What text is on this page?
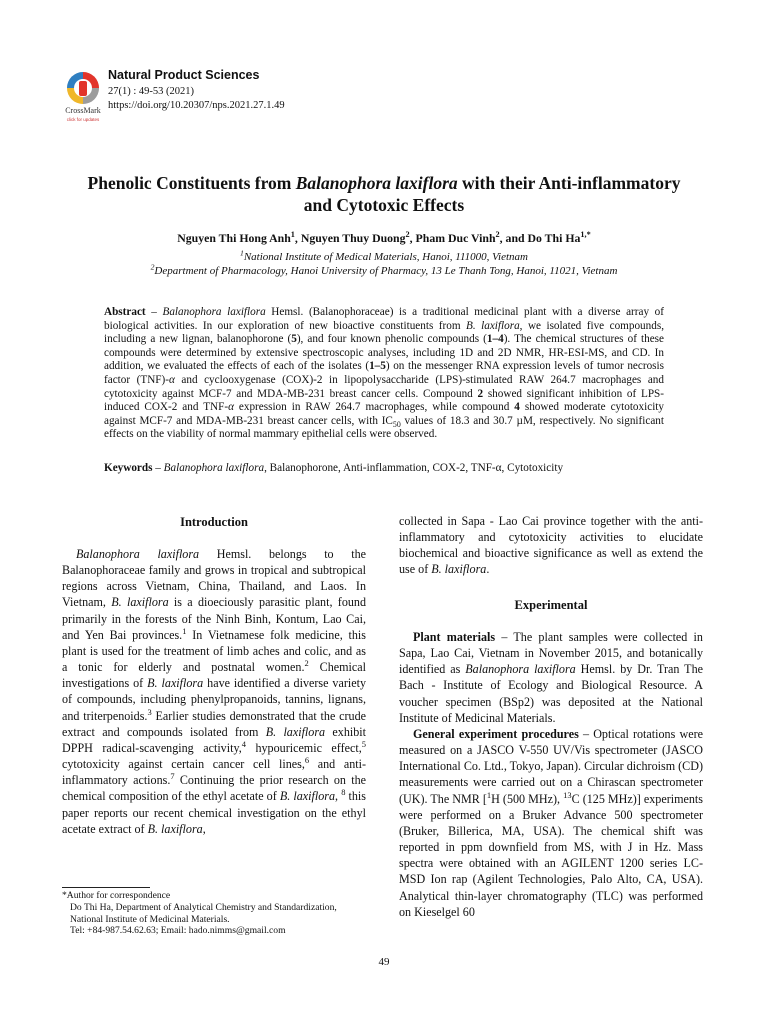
CrossMark
click for updates
Natural Product Sciences
27(1) : 49-53 (2021)
https://doi.org/10.20307/nps.2021.27.1.49
Phenolic Constituents from Balanophora laxiflora with their Anti-inflammatory
and Cytotoxic Effects
Nguyen Thi Hong Anh$^1$, Nguyen Thuy Duong$^2$, Pham Duc Vinh$^2$, and Do Thi $Ha^{1,*}$
$^1$National Institute of Medical Materials, Hanoi, 111000, Vietnam
$^2$Department of Pharmacology, Hanoi University of Pharmacy, 13 Le Thanh Tong, Hanoi, 11021, Vietnam
Abstract – Balanophora laxiflora Hemsl. (Balanophoraceae) is a traditional medicinal plant with a diverse array of biological activities. In our exploration of new bioactive constituents from B. laxiflora, we isolated five compounds, including a new lignan, balanophorone (5), and four known phenolic compounds (1–4). The chemical structures of these compounds were determined by extensive spectroscopic analyses, including 1D and 2D NMR, HR-ESI-MS, and CD. In addition, we evaluated the effects of each of the isolates (1–5) on the messenger RNA expression levels of tumor necrosis factor (TNF)-α and cyclooxygenase (COX)-2 in lipopolysaccharide (LPS)-stimulated RAW 264.7 macrophages and cytotoxicity against MCF-7 and MDA-MB-231 breast cancer cells. Compound 2 showed significant inhibition of LPS-induced COX-2 and TNF-α expression in RAW 264.7 macrophages, while compound 4 showed moderate cytotoxicity against MCF-7 and MDA-MB-231 breast cancer cells, with $IC_{50}$ values of 18.3 and 30.7 µM, respectively. No significant effects on the viability of normal mammary epithelial cells were observed.
Keywords – Balanophora laxiflora, Balanophorone, Anti-inflammation, COX-2, TNF-α, Cytotoxicity
Introduction

Balanophora laxiflora Hemsl. belongs to the Balanophoraceae family and grows in tropical and subtropical regions across Vietnam, China, Thailand, and Laos. In Vietnam, B. laxiflora is a dioeciously parasitic plant, found primarily in the forests of the Ninh Binh, Kontum, Lao Cai, and Yen Bai provinces.$^1$ In Vietnamese folk medicine, this plant is used for the treatment of limb aches and colic, and as a tonic for elderly and postnatal women.$^2$ Chemical investigations of B. laxiflora have identified a diverse variety of compounds, including phenylpropanoids, tannins, lignans, and triterpenoids.$^3$ Earlier studies demonstrated that the crude extract and compounds isolated from B. laxiflora exhibit DPPH radical-scavenging activity,$^4$ hypouricemic effect,$^5$ cytotoxicity against certain cancer cell lines,$^6$ and anti-inflammatory actions.$^7$ Continuing the prior research on the chemical composition of the ethyl acetate of B. laxiflora, $^8$ this paper reports our recent chemical investigation on the ethyl acetate extract of B. laxiflora,

collected in Sapa - Lao Cai province together with the anti-inflammatory and cytotoxicity activities to elucidate biochemical and bioactive significance as well as extend the use of B. laxiflora.

Experimental

Plant materials – The plant samples were collected in Sapa, Lao Cai, Vietnam in November 2015, and botanically identified as Balanophora laxiflora Hemsl. by Dr. Tran The Bach - Institute of Ecology and Biological Resource. A voucher specimen (BSp2) was deposited at the National Institute of Medicinal Materials.

General experiment procedures – Optical rotations were measured on a JASCO V-550 UV/Vis spectrometer (JASCO International Co. Ltd., Tokyo, Japan). Circular dichroism (CD) measurements were carried out on a Chirascan spectrometer (UK). The NMR [$^1$H (500 MHz), $^{13}$C (125 MHz)] experiments were performed on a Bruker Advance 500 spectrometer (Bruker, Billerica, MA, USA). The chemical shift was reported in ppm downfield from MS, with J in Hz. Mass spectra were obtained with an AGILENT 1200 series LC-MSD Ion rap (Agilent Technologies, Palo Alto, CA, USA). Analytical thin-layer chromatography (TLC) was performed on Kieselgel 60

*Author for correspondence
Do Thi Ha, Department of Analytical Chemistry and Standardization, National Institute of Medicinal Materials.
Tel: +84-987.54.62.63; Email: hado.nimms@gmail.com
49
